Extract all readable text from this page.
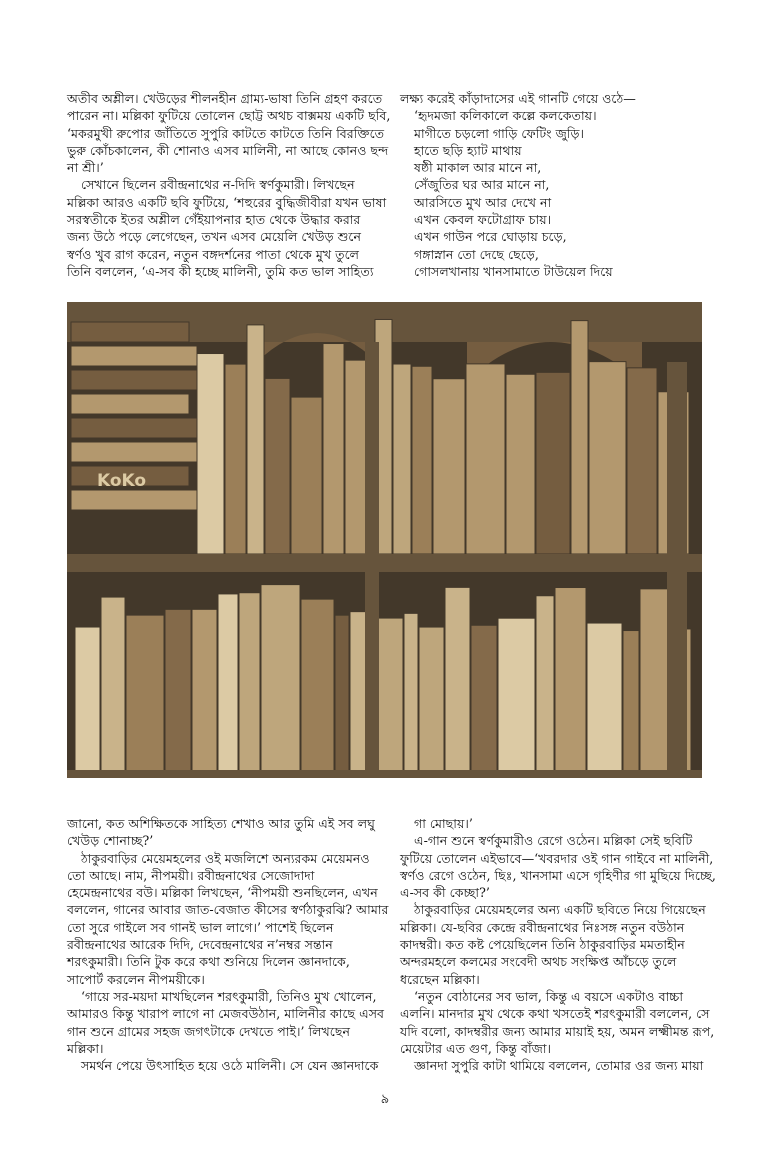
অতীব অশ্লীল। খেউড়ের শীলনহীন গ্রাম্য-ভাষা তিনি গ্রহণ করতে

পারেন না। মল্লিকা ফুটিয়ে তোলেন ছোট্ট অথচ বাক্সময় একটি ছবি,

‘মকরমুখী রুপোর জাঁতিতে সুপুরি কাটতে কাটতে তিনি বিরক্তিতে

ভুরু কোঁচকালেন, কী শোনাও এসব মালিনী, না আছে কোনও ছন্দ

না শ্রী।’

সেখানে ছিলেন রবীন্দ্রনাথের ন-দিদি স্বর্ণকুমারী। লিখছেন

মল্লিকা আরও একটি ছবি ফুটিয়ে, ‘শহুরের বুদ্ধিজীবীরা যখন ভাষা

সরস্বতীকে ইতর অশ্লীল গেঁইয়াপনার হাত থেকে উদ্ধার করার

জন্য উঠে পড়ে লেগেছেন, তখন এসব মেয়েলি খেউড় শুনে

স্বর্ণও খুব রাগ করেন, নতুন বঙ্গদর্শনের পাতা থেকে মুখ তুলে

তিনি বললেন, ‘এ-সব কী হচ্ছে মালিনী, তুমি কত ভাল সাহিত্য

লক্ষ্য করেই কাঁড়াদাসের এই গানটি গেয়ে ওঠে—

‘হৃদমজা কলিকালে কল্লে কলকেতায়।

মাগীতে চড়লো গাড়ি ফেটিং জুড়ি।

হাতে ছড়ি হ্যাট মাথায়

ষষ্ঠী মাকাল আর মানে না,

সেঁজুতির ঘর আর মানে না,

আরসিতে মুখ আর দেখে না

এখন কেবল ফটোগ্রাফ চায়।

এখন গাউন পরে ঘোড়ায় চড়ে,

গঙ্গাস্নান তো দেছে ছেড়ে,

গোসলখানায় খানসামাতে টাউয়েল দিয়ে

KoKo

জানো, কত অশিক্ষিতকে সাহিত্য শেখাও আর তুমি এই সব লঘু

খেউড় শোনাচ্ছ?’

ঠাকুরবাড়ির মেয়েমহলের ওই মজলিশে অন্যরকম মেয়েমনও

তো আছে। নাম, নীপময়ী। রবীন্দ্রনাথের সেজোদাদা

হেমেন্দ্রনাথের বউ। মল্লিকা লিখছেন, ‘নীপময়ী শুনছিলেন, এখন

বললেন, গানের আবার জাত-বেজাত কীসের স্বর্ণঠাকুরঝি? আমার

তো সুরে গাইলে সব গানই ভাল লাগে।’ পাশেই ছিলেন

রবীন্দ্রনাথের আরেক দিদি, দেবেন্দ্রনাথের ন’নম্বর সন্তান

শরৎকুমারী। তিনি টুক করে কথা শুনিয়ে দিলেন জ্ঞানদাকে,

সাপোর্ট করলেন নীপময়ীকে।

‘গায়ে সর-ময়দা মাখছিলেন শরৎকুমারী, তিনিও মুখ খোলেন,

আমারও কিন্তু খারাপ লাগে না মেজবউঠান, মালিনীর কাছে এসব

গান শুনে গ্রামের সহজ জগৎটাকে দেখতে পাই।’ লিখছেন

মল্লিকা।

সমর্থন পেয়ে উৎসাহিত হয়ে ওঠে মালিনী। সে যেন জ্ঞানদাকে

গা মোছায়।’

এ-গান শুনে স্বর্ণকুমারীও রেগে ওঠেন। মল্লিকা সেই ছবিটি

ফুটিয়ে তোলেন এইভাবে—‘খবরদার ওই গান গাইবে না মালিনী,

স্বর্ণও রেগে ওঠেন, ছিঃ, খানসামা এসে গৃহিণীর গা মুছিয়ে দিচ্ছে,

এ-সব কী কেচ্ছা?’

ঠাকুরবাড়ির মেয়েমহলের অন্য একটি ছবিতে নিয়ে গিয়েছেন

মল্লিকা। যে-ছবির কেন্দ্রে রবীন্দ্রনাথের নিঃসঙ্গ নতুন বউঠান

কাদম্বরী। কত কষ্ট পেয়েছিলেন তিনি ঠাকুরবাড়ির মমতাহীন

অন্দরমহলে কলমের সংবেদী অথচ সংক্ষিপ্ত আঁচড়ে তুলে

ধরেছেন মল্লিকা।

‘নতুন বোঠানের সব ভাল, কিন্তু এ বয়সে একটাও বাচ্চা

এলনি। মানদার মুখ থেকে কথা খসতেই শরৎকুমারী বললেন, সে

যদি বলো, কাদম্বরীর জন্য আমার মায়াই হয়, অমন লক্ষ্মীমন্ত রূপ,

মেয়েটার এত গুণ, কিন্তু বাঁজা।

জ্ঞানদা সুপুরি কাটা থামিয়ে বললেন, তোমার ওর জন্য মায়া

৯
